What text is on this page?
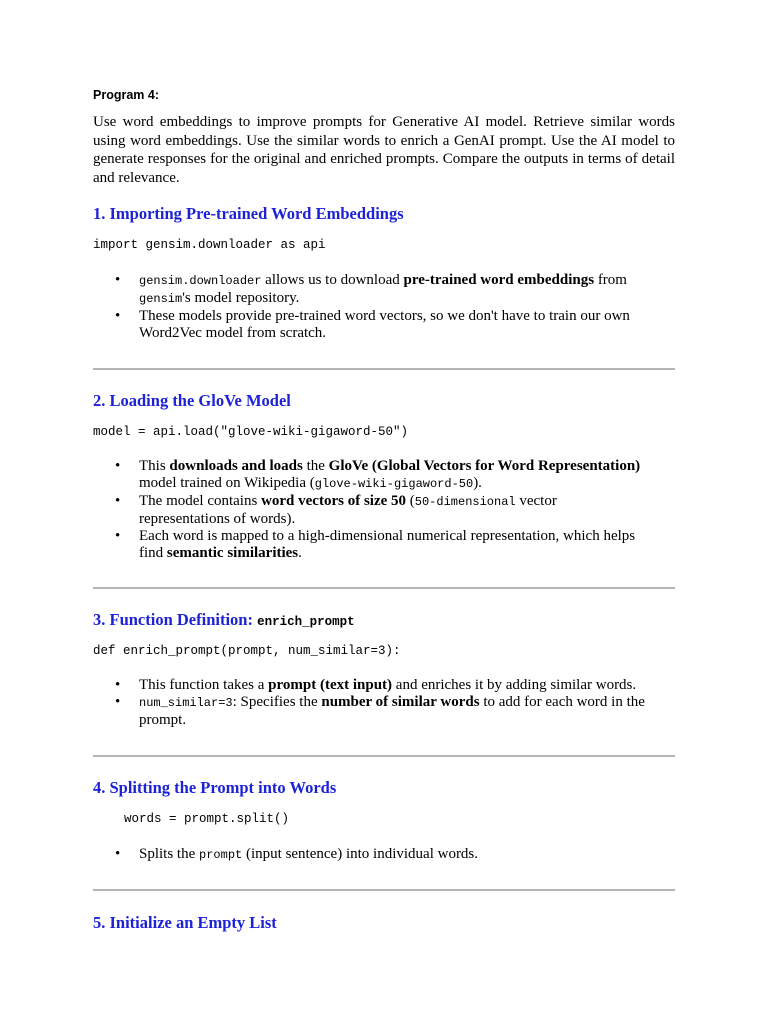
Program 4:

Use word embeddings to improve prompts for Generative AI model. Retrieve similar words using word embeddings. Use the similar words to enrich a GenAI prompt. Use the AI model to generate responses for the original and enriched prompts. Compare the outputs in terms of detail and relevance.

1. Importing Pre-trained Word Embeddings
import gensim.downloader as api
• gensim.downloader allows us to download pre-trained word embeddings from gensim's model repository.
• These models provide pre-trained word vectors, so we don't have to train our own Word2Vec model from scratch.
2. Loading the GloVe Model
model = api.load("glove-wiki-gigaword-50")
• This downloads and loads the GloVe (Global Vectors for Word Representation) model trained on Wikipedia (glove-wiki-gigaword-50).
• The model contains word vectors of size 50 (50-dimensional vector representations of words).
• Each word is mapped to a high-dimensional numerical representation, which helps find semantic similarities.
3. Function Definition: enrich_prompt
def enrich_prompt(prompt, num_similar=3):
• This function takes a prompt (text input) and enriches it by adding similar words.
• num_similar=3: Specifies the number of similar words to add for each word in the prompt.
4. Splitting the Prompt into Words
words = prompt.split()
• Splits the prompt (input sentence) into individual words.
5. Initialize an Empty List
